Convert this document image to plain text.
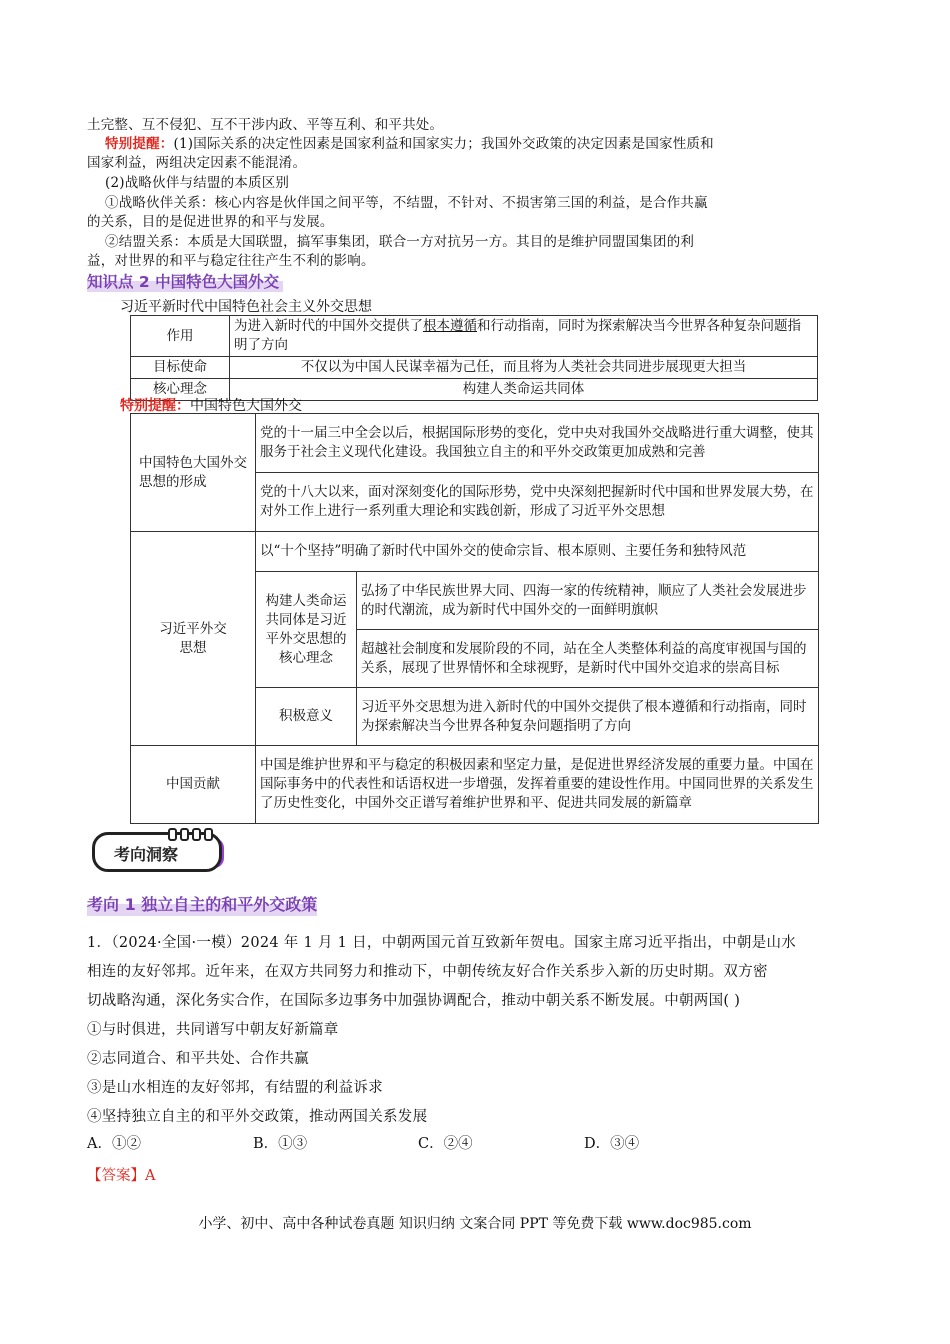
土完整、互不侵犯、互不干涉内政、平等互利、和平共处。
特别提醒：(1)国际关系的决定性因素是国家利益和国家实力；我国外交政策的决定因素是国家性质和
国家利益，两组决定因素不能混淆。
(2)战略伙伴与结盟的本质区别
①战略伙伴关系：核心内容是伙伴国之间平等，不结盟，不针对、不损害第三国的利益，是合作共赢
的关系，目的是促进世界的和平与发展。
②结盟关系：本质是大国联盟，搞军事集团，联合一方对抗另一方。其目的是维护同盟国集团的利
益，对世界的和平与稳定往往产生不利的影响。
知识点 2 中国特色大国外交
习近平新时代中国特色社会主义外交思想
作用	为进入新时代的中国外交提供了根本遵循和行动指南，同时为探索解决当今世界各种复杂问题指明了方向
目标使命	不仅以为中国人民谋幸福为己任，而且将为人类社会共同进步展现更大担当
核心理念	构建人类命运共同体
特别提醒：中国特色大国外交
中国特色大国外交思想的形成	党的十一届三中全会以后，根据国际形势的变化，党中央对我国外交战略进行重大调整，使其服务于社会主义现代化建设。我国独立自主的和平外交政策更加成熟和完善	
	党的十八大以来，面对深刻变化的国际形势，党中央深刻把握新时代中国和世界发展大势，在对外工作上进行一系列重大理论和实践创新，形成了习近平外交思想	
习近平外交思想	以“十个坚持”明确了新时代中国外交的使命宗旨、根本原则、主要任务和独特风范	
	构建人类命运共同体是习近平外交思想的核心理念	弘扬了中华民族世界大同、四海一家的传统精神，顺应了人类社会发展进步的时代潮流，成为新时代中国外交的一面鲜明旗帜
		超越社会制度和发展阶段的不同，站在全人类整体利益的高度审视国与国的关系，展现了世界情怀和全球视野，是新时代中国外交追求的崇高目标
	积极意义	习近平外交思想为进入新时代的中国外交提供了根本遵循和行动指南，同时为探索解决当今世界各种复杂问题指明了方向
中国贡献	中国是维护世界和平与稳定的积极因素和坚定力量，是促进世界经济发展的重要力量。中国在国际事务中的代表性和话语权进一步增强，发挥着重要的建设性作用。中国同世界的关系发生了历史性变化，中国外交正谱写着维护世界和平、促进共同发展的新篇章	
考向洞察
考向 1 独立自主的和平外交政策
1．（2024·全国·一模）2024 年 1 月 1 日，中朝两国元首互致新年贺电。国家主席习近平指出，中朝是山水
相连的友好邻邦。近年来，在双方共同努力和推动下，中朝传统友好合作关系步入新的历史时期。双方密
切战略沟通，深化务实合作，在国际多边事务中加强协调配合，推动中朝关系不断发展。中朝两国( )
①与时俱进，共同谱写中朝友好新篇章
②志同道合、和平共处、合作共赢
③是山水相连的友好邻邦，有结盟的利益诉求
④坚持独立自主的和平外交政策，推动两国关系发展
A．①②	B．①③	C．②④	D．③④
【答案】A
小学、初中、高中各种试卷真题 知识归纳 文案合同 PPT 等免费下载 www.doc985.com
